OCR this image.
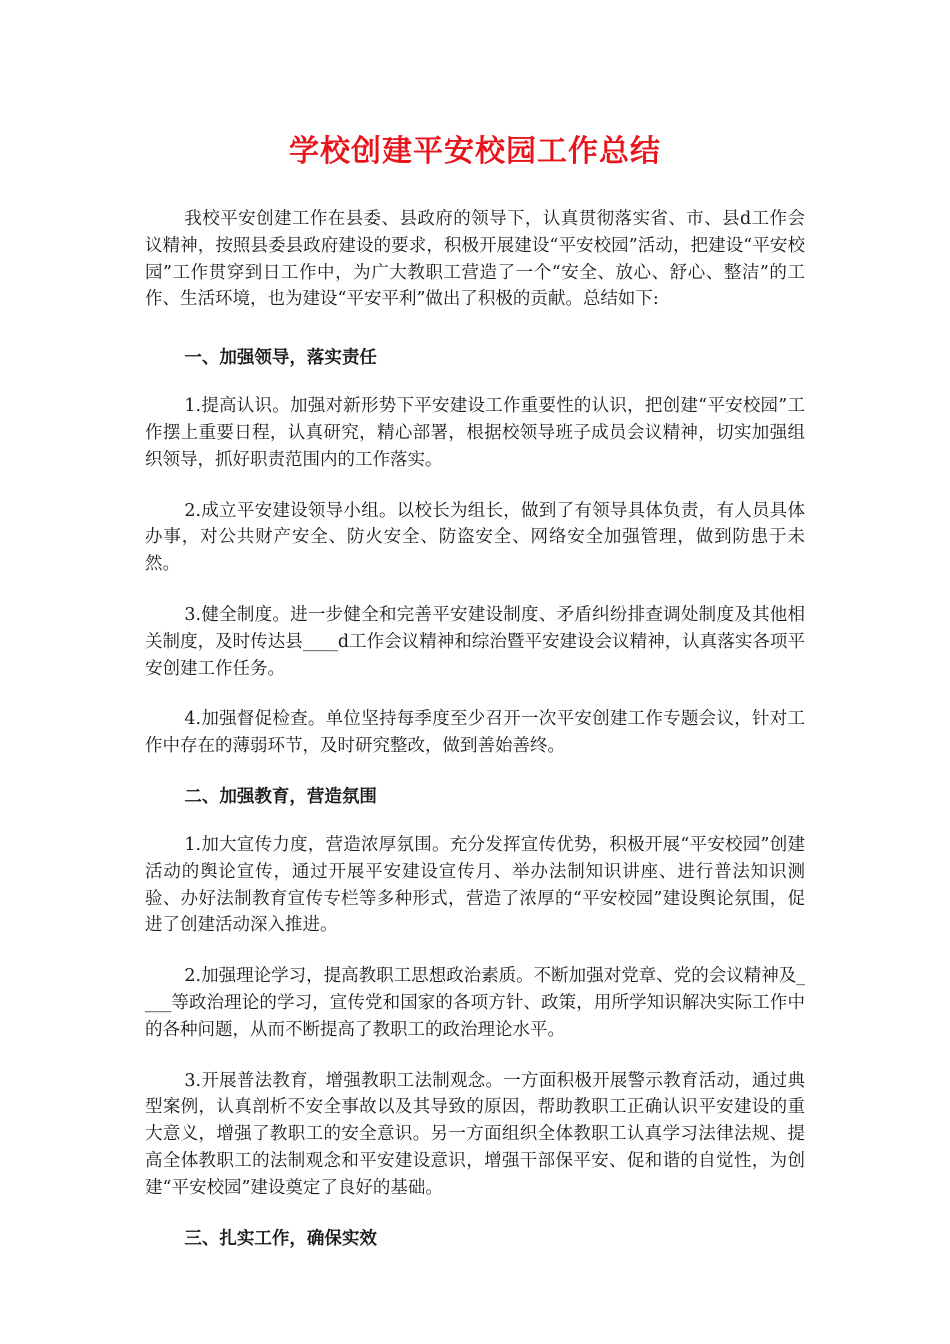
学校创建平安校园工作总结

我校平安创建工作在县委、县政府的领导下，认真贯彻落实省、市、县d工作会议精神，按照县委县政府建设的要求，积极开展建设“平安校园”活动，把建设“平安校园”工作贯穿到日工作中，为广大教职工营造了一个“安全、放心、舒心、整洁”的工作、生活环境，也为建设“平安平利”做出了积极的贡献。总结如下:

一、加强领导，落实责任

1.提高认识。加强对新形势下平安建设工作重要性的认识，把创建“平安校园”工作摆上重要日程，认真研究，精心部署，根据校领导班子成员会议精神，切实加强组织领导，抓好职责范围内的工作落实。

2.成立平安建设领导小组。以校长为组长，做到了有领导具体负责，有人员具体办事，对公共财产安全、防火安全、防盗安全、网络安全加强管理，做到防患于未然。

3.健全制度。进一步健全和完善平安建设制度、矛盾纠纷排查调处制度及其他相关制度，及时传达县____d工作会议精神和综治暨平安建设会议精神，认真落实各项平安创建工作任务。

4.加强督促检查。单位坚持每季度至少召开一次平安创建工作专题会议，针对工作中存在的薄弱环节，及时研究整改，做到善始善终。

二、加强教育，营造氛围

1.加大宣传力度，营造浓厚氛围。充分发挥宣传优势，积极开展“平安校园”创建活动的舆论宣传，通过开展平安建设宣传月、举办法制知识讲座、进行普法知识测验、办好法制教育宣传专栏等多种形式，营造了浓厚的“平安校园”建设舆论氛围，促进了创建活动深入推进。

2.加强理论学习，提高教职工思想政治素质。不断加强对党章、党的会议精神及____等政治理论的学习，宣传党和国家的各项方针、政策，用所学知识解决实际工作中的各种问题，从而不断提高了教职工的政治理论水平。

3.开展普法教育，增强教职工法制观念。一方面积极开展警示教育活动，通过典型案例，认真剖析不安全事故以及其导致的原因，帮助教职工正确认识平安建设的重大意义，增强了教职工的安全意识。另一方面组织全体教职工认真学习法律法规、提高全体教职工的法制观念和平安建设意识，增强干部保平安、促和谐的自觉性，为创建“平安校园”建设奠定了良好的基础。

三、扎实工作，确保实效
